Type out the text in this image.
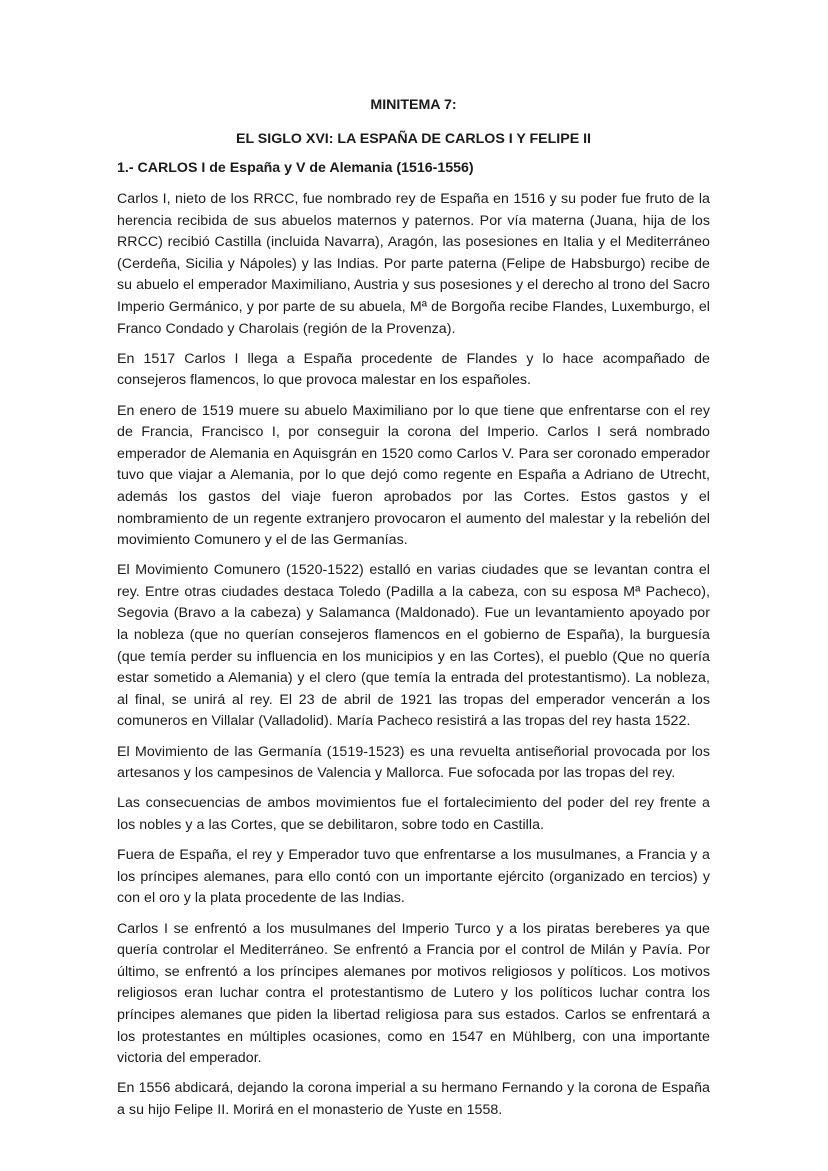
MINITEMA 7:

EL SIGLO XVI: LA ESPAÑA DE CARLOS I Y FELIPE II

1.- CARLOS I de España y V de Alemania (1516-1556)

Carlos I, nieto de los RRCC, fue nombrado rey de España en 1516 y su poder fue fruto de la herencia recibida de sus abuelos maternos y paternos. Por vía materna (Juana, hija de los RRCC) recibió Castilla (incluida Navarra), Aragón, las posesiones en Italia y el Mediterráneo (Cerdeña, Sicilia y Nápoles) y las Indias. Por parte paterna (Felipe de Habsburgo) recibe de su abuelo el emperador Maximiliano, Austria y sus posesiones y el derecho al trono del Sacro Imperio Germánico, y por parte de su abuela, Mª de Borgoña recibe Flandes, Luxemburgo, el Franco Condado y Charolais (región de la Provenza).

En 1517 Carlos I llega a España procedente de Flandes y lo hace acompañado de consejeros flamencos, lo que provoca malestar en los españoles.

En enero de 1519 muere su abuelo Maximiliano por lo que tiene que enfrentarse con el rey de Francia, Francisco I, por conseguir la corona del Imperio. Carlos I será nombrado emperador de Alemania en Aquisgrán en 1520 como Carlos V. Para ser coronado emperador tuvo que viajar a Alemania, por lo que dejó como regente en España a Adriano de Utrecht, además los gastos del viaje fueron aprobados por las Cortes. Estos gastos y el nombramiento de un regente extranjero provocaron el aumento del malestar y la rebelión del movimiento Comunero y el de las Germanías.

El Movimiento Comunero (1520-1522) estalló en varias ciudades que se levantan contra el rey. Entre otras ciudades destaca Toledo (Padilla a la cabeza, con su esposa Mª Pacheco), Segovia (Bravo a la cabeza) y Salamanca (Maldonado). Fue un levantamiento apoyado por la nobleza (que no querían consejeros flamencos en el gobierno de España), la burguesía (que temía perder su influencia en los municipios y en las Cortes), el pueblo (Que no quería estar sometido a Alemania) y el clero (que temía la entrada del protestantismo). La nobleza, al final, se unirá al rey. El 23 de abril de 1921 las tropas del emperador vencerán a los comuneros en Villalar (Valladolid). María Pacheco resistirá a las tropas del rey hasta 1522.

El Movimiento de las Germanía (1519-1523) es una revuelta antiseñorial provocada por los artesanos y los campesinos de Valencia y Mallorca. Fue sofocada por las tropas del rey.

Las consecuencias de ambos movimientos fue el fortalecimiento del poder del rey frente a los nobles y a las Cortes, que se debilitaron, sobre todo en Castilla.

Fuera de España, el rey y Emperador tuvo que enfrentarse a los musulmanes, a Francia y a los príncipes alemanes, para ello contó con un importante ejército (organizado en tercios) y con el oro y la plata procedente de las Indias.

Carlos I se enfrentó a los musulmanes del Imperio Turco y a los piratas bereberes ya que quería controlar el Mediterráneo. Se enfrentó a Francia por el control de Milán y Pavía. Por último, se enfrentó a los príncipes alemanes por motivos religiosos y políticos. Los motivos religiosos eran luchar contra el protestantismo de Lutero y los políticos luchar contra los príncipes alemanes que piden la libertad religiosa para sus estados. Carlos se enfrentará a los protestantes en múltiples ocasiones, como en 1547 en Mühlberg, con una importante victoria del emperador.

En 1556 abdicará, dejando la corona imperial a su hermano Fernando y la corona de España a su hijo Felipe II. Morirá en el monasterio de Yuste en 1558.
